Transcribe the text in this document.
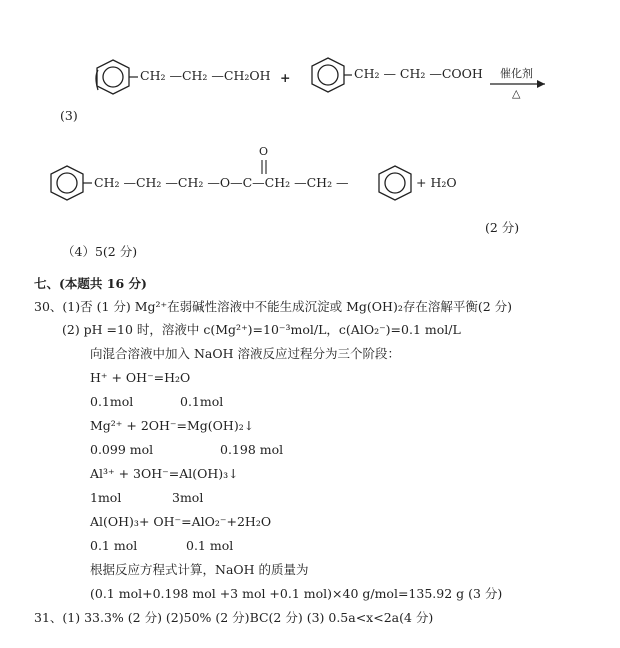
CH₂ —CH₂ —CH₂OH +	CH₂ — CH₂ —COOH 催化剂
△
(3)
O
CH₂ —CH₂ —CH₂ —O—C—CH₂ —CH₂ —	+ H₂O
(2 分)
（4）5(2 分)
七、(本题共 16 分)
30、(1)否 (1 分) Mg²⁺在弱碱性溶液中不能生成沉淀或 Mg(OH)₂存在溶解平衡(2 分)
(2) pH =10 时，溶液中 c(Mg²⁺)=10⁻³mol/L，c(AlO₂⁻)=0.1 mol/L
向混合溶液中加入 NaOH 溶液反应过程分为三个阶段：
H⁺ + OH⁻=H₂O
0.1mol	0.1mol
Mg²⁺ + 2OH⁻=Mg(OH)₂↓
0.099 mol	0.198 mol
Al³⁺ + 3OH⁻=Al(OH)₃↓
1mol	3mol
Al(OH)₃+ OH⁻=AlO₂⁻+2H₂O
0.1 mol	0.1 mol
根据反应方程式计算，NaOH 的质量为
(0.1 mol+0.198 mol +3 mol +0.1 mol)×40 g/mol=135.92 g (3 分)
31、(1) 33.3% (2 分) (2)50% (2 分)BC(2 分) (3) 0.5a<x<2a(4 分)
